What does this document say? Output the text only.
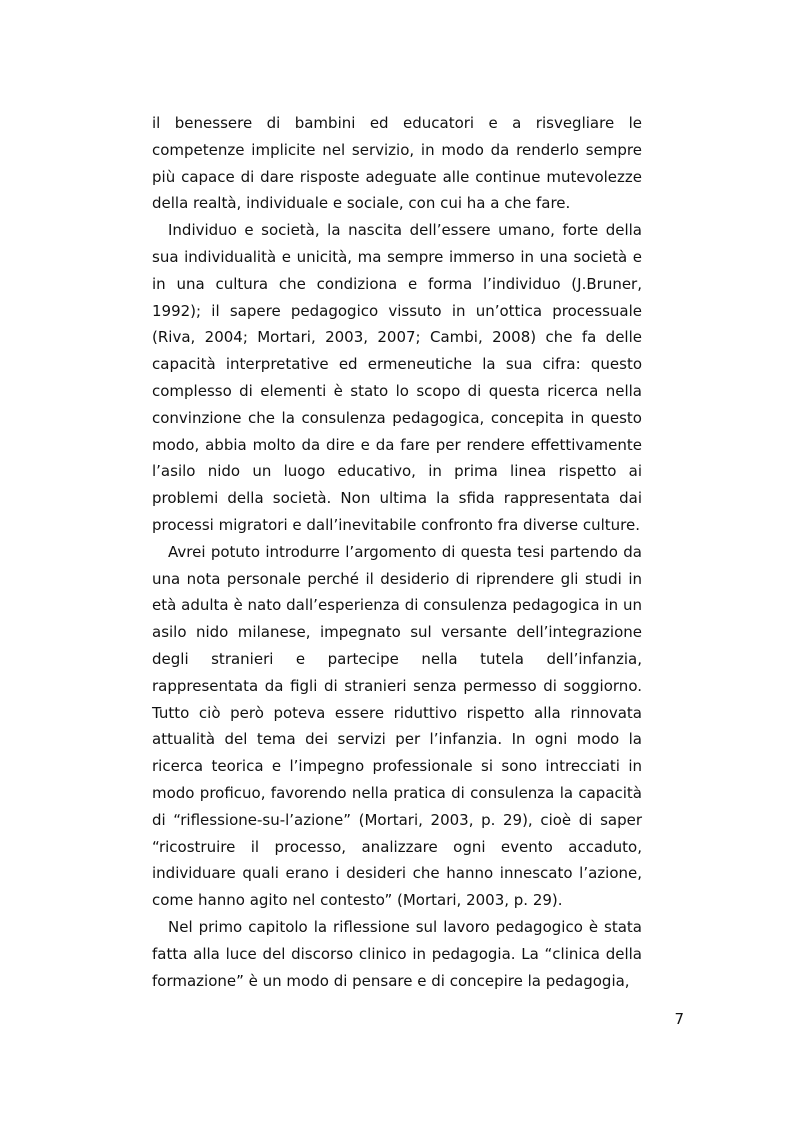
il benessere di bambini ed educatori e a risvegliare le competenze implicite nel servizio, in modo da renderlo sempre più capace di dare risposte adeguate alle continue mutevolezze della realtà, individuale e sociale, con cui ha a che fare.

Individuo e società, la nascita dell’essere umano, forte della sua individualità e unicità, ma sempre immerso in una società e in una cultura che condiziona e forma l’individuo (J.Bruner, 1992); il sapere pedagogico vissuto in un’ottica processuale (Riva, 2004; Mortari, 2003, 2007; Cambi, 2008) che fa delle capacità interpretative ed ermeneutiche la sua cifra: questo complesso di elementi è stato lo scopo di questa ricerca nella convinzione che la consulenza pedagogica, concepita in questo modo, abbia molto da dire e da fare per rendere effettivamente l’asilo nido un luogo educativo, in prima linea rispetto ai problemi della società. Non ultima la sfida rappresentata dai processi migratori e dall’inevitabile confronto fra diverse culture.

Avrei potuto introdurre l’argomento di questa tesi partendo da una nota personale perché il desiderio di riprendere gli studi in età adulta è nato dall’esperienza di consulenza pedagogica in un asilo nido milanese, impegnato sul versante dell’integrazione degli stranieri e partecipe nella tutela dell’infanzia, rappresentata da figli di stranieri senza permesso di soggiorno. Tutto ciò però poteva essere riduttivo rispetto alla rinnovata attualità del tema dei servizi per l’infanzia. In ogni modo la ricerca teorica e l’impegno professionale si sono intrecciati in modo proficuo, favorendo nella pratica di consulenza la capacità di “riflessione-su-l’azione” (Mortari, 2003, p. 29), cioè di saper “ricostruire il processo, analizzare ogni evento accaduto, individuare quali erano i desideri che hanno innescato l’azione, come hanno agito nel contesto” (Mortari, 2003, p. 29).

Nel primo capitolo la riflessione sul lavoro pedagogico è stata fatta alla luce del discorso clinico in pedagogia. La “clinica della formazione” è un modo di pensare e di concepire la pedagogia,

7
